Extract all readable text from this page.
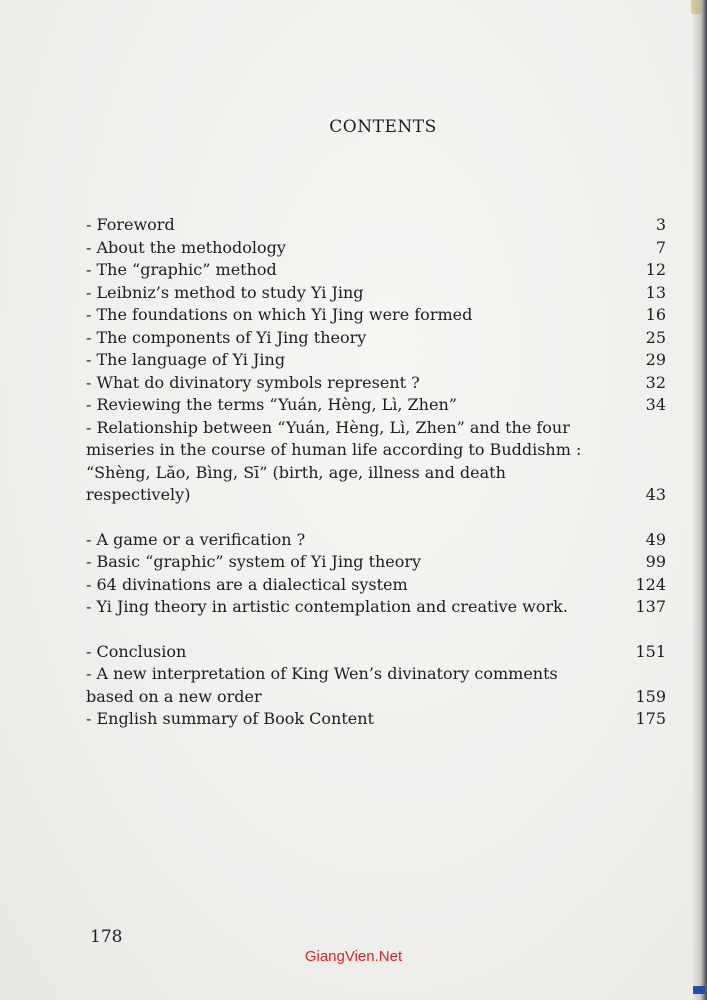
CONTENTS
- Foreword	3
- About the methodology	7
- The “graphic” method	12
- Leibniz’s method to study Yi Jing	13
- The foundations on which Yi Jing were formed	16
- The components of Yi Jing theory	25
- The language of Yi Jing	29
- What do divinatory symbols represent ?	32
- Reviewing the terms “Yuán, Hèng, Lì, Zhen”	34
- Relationship between “Yuán, Hèng, Lì, Zhen” and the four miseries in the course of human life according to Buddishm : “Shèng, Lăo, Bìng, Sī” (birth, age, illness and death respectively)	43
- A game or a verification ?	49
- Basic “graphic” system of Yi Jing theory	99
- 64 divinations are a dialectical system	124
- Yi Jing theory in artistic contemplation and creative work.	137
- Conclusion	151
- A new interpretation of King Wen’s divinatory comments based on a new order	159
- English summary of Book Content	175
178
GiangVien.Net
